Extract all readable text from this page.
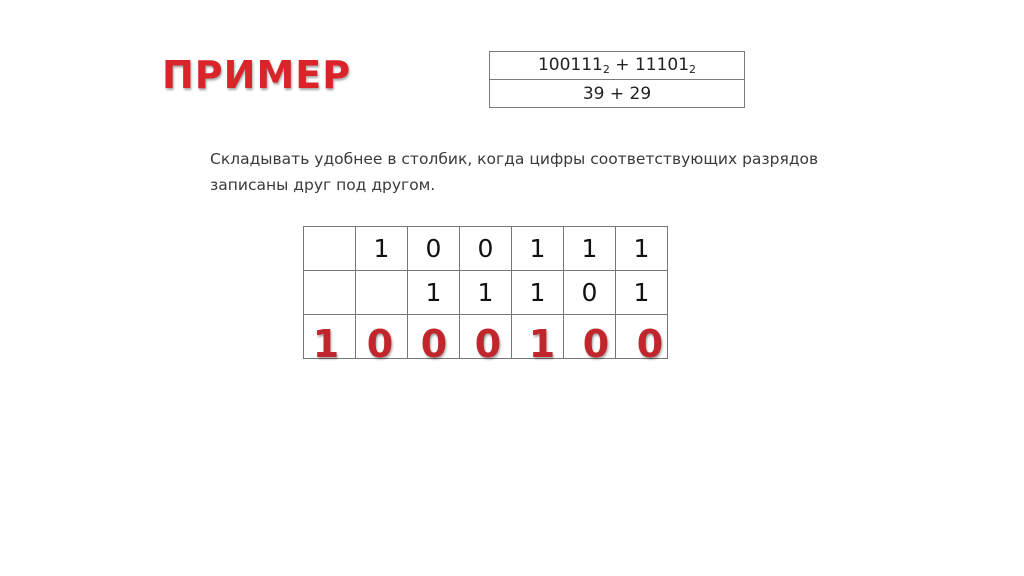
ПРИМЕР	$100111_2 + 11101_2$
39 + 29
Складывать удобнее в столбик, когда цифры соответствующих разрядов записаны друг под другом.
	1	0	0	1	1	1
		1	1	1	0	1

1 0 0 0 1 0 0
